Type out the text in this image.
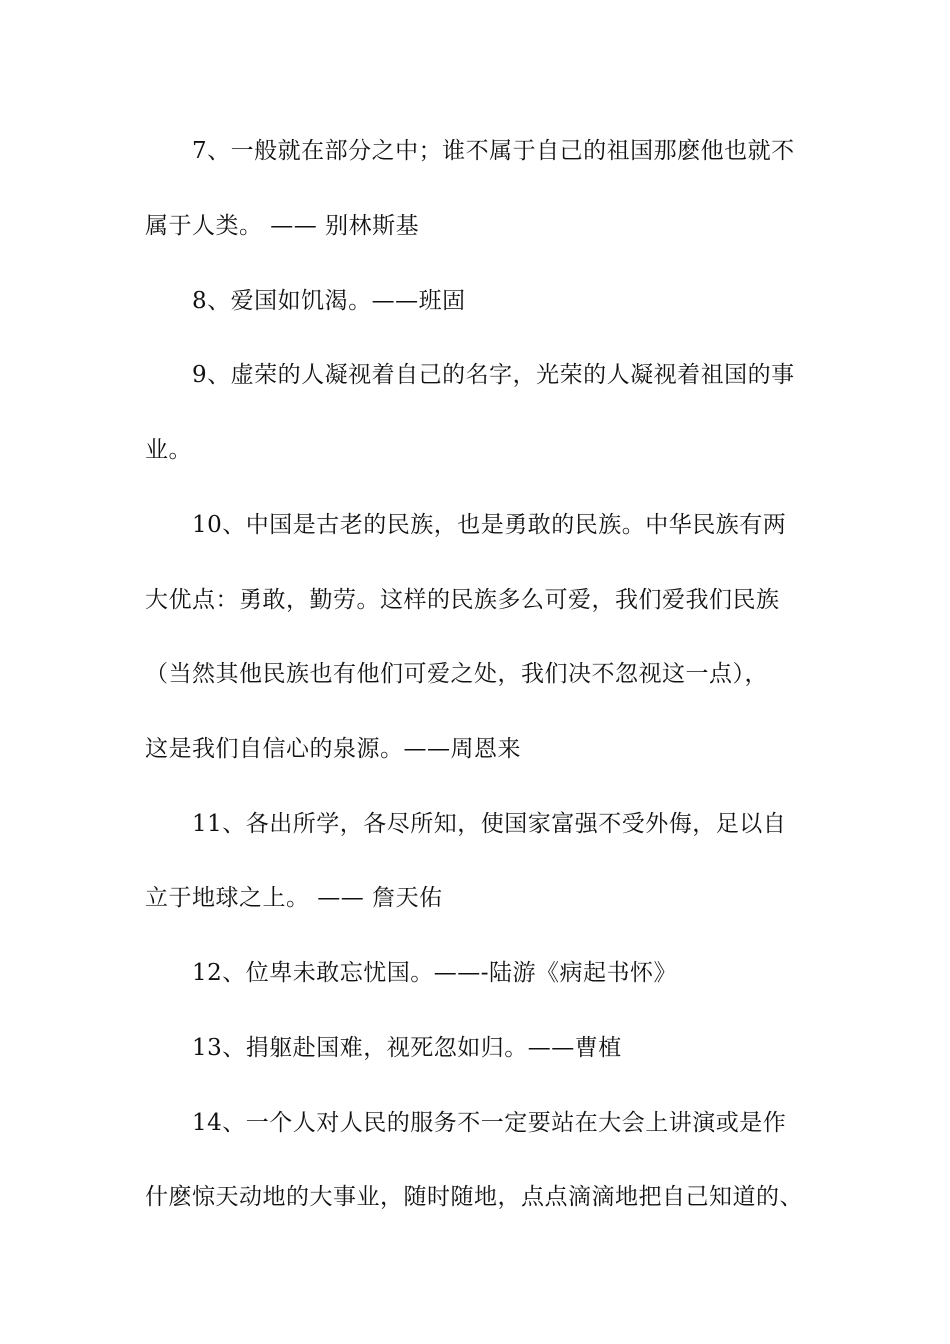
7、一般就在部分之中；谁不属于自己的祖国那麽他也就不
属于人类。 —— 别林斯基
8、爱国如饥渴。——班固
9、虚荣的人凝视着自己的名字，光荣的人凝视着祖国的事
业。
10、中国是古老的民族，也是勇敢的民族。中华民族有两
大优点：勇敢，勤劳。这样的民族多么可爱，我们爱我们民族
（当然其他民族也有他们可爱之处，我们决不忽视这一点），
这是我们自信心的泉源。——周恩来
11、各出所学，各尽所知，使国家富强不受外侮，足以自
立于地球之上。 —— 詹天佑
12、位卑未敢忘忧国。——-陆游《病起书怀》
13、捐躯赴国难，视死忽如归。——曹植
14、一个人对人民的服务不一定要站在大会上讲演或是作
什麽惊天动地的大事业，随时随地，点点滴滴地把自己知道的、
